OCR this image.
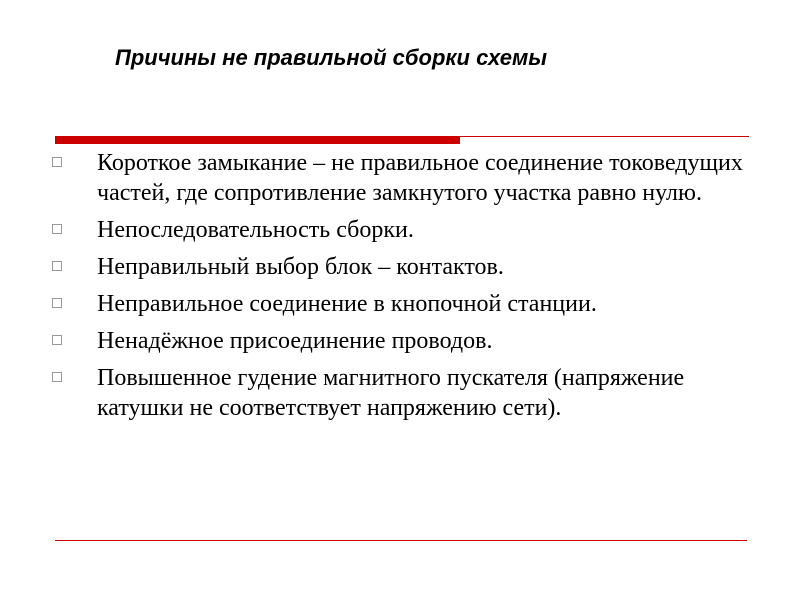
Причины не правильной сборки схемы
Короткое замыкание – не правильное соединение токоведущих частей, где сопротивление замкнутого участка равно нулю.
Непоследовательность сборки.
Неправильный выбор блок – контактов.
Неправильное соединение в кнопочной станции.
Ненадёжное присоединение проводов.
Повышенное гудение магнитного пускателя (напряжение катушки не соответствует напряжению сети).
